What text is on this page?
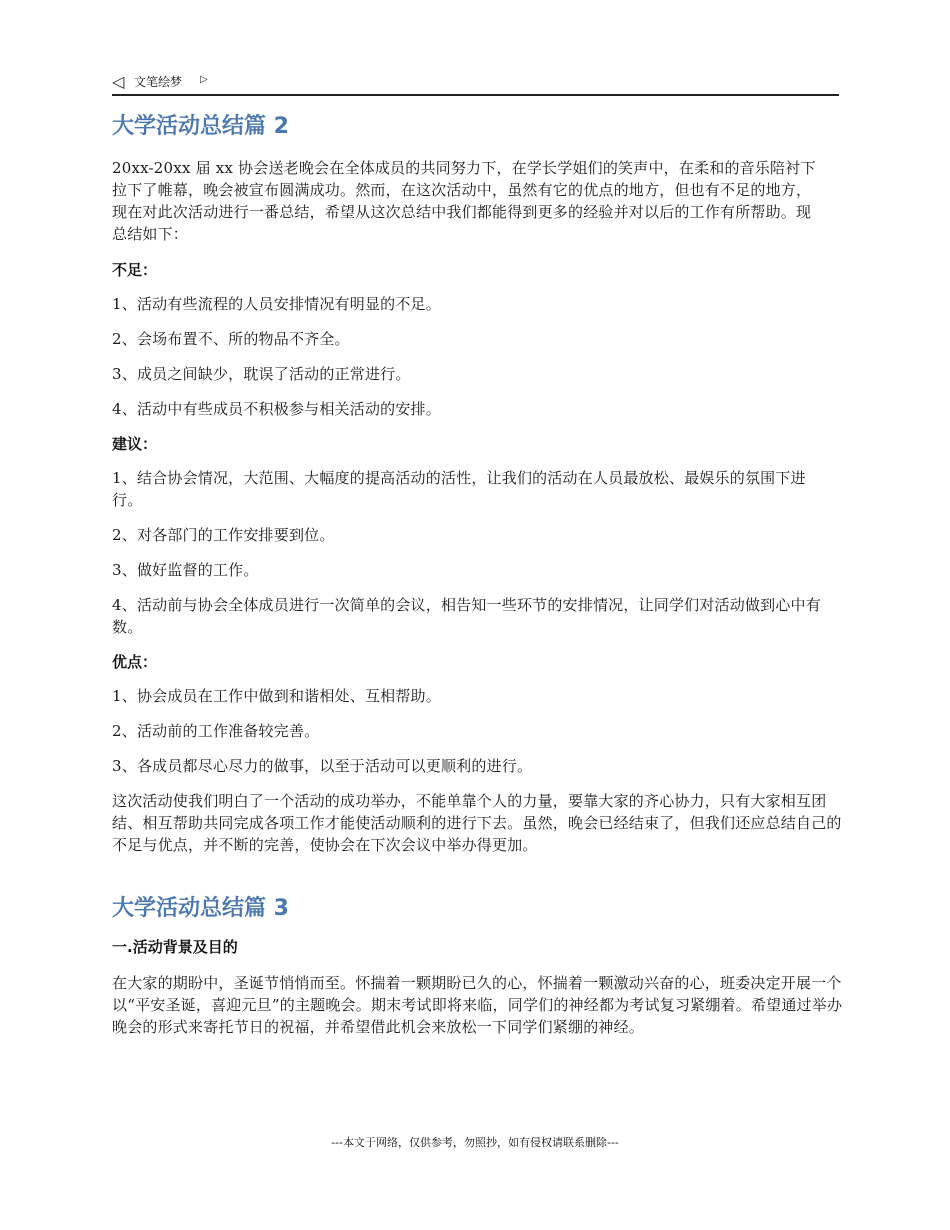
◁ 文笔绘梦 ▷
大学活动总结篇 2

20xx-20xx 届 xx 协会送老晚会在全体成员的共同努力下，在学长学姐们的笑声中，在柔和的音乐陪衬下拉下了帷幕，晚会被宣布圆满成功。然而，在这次活动中，虽然有它的优点的地方，但也有不足的地方，现在对此次活动进行一番总结，希望从这次总结中我们都能得到更多的经验并对以后的工作有所帮助。现总结如下：

不足：

1、活动有些流程的人员安排情况有明显的不足。

2、会场布置不、所的物品不齐全。

3、成员之间缺少，耽误了活动的正常进行。

4、活动中有些成员不积极参与相关活动的安排。

建议：

1、结合协会情况，大范围、大幅度的提高活动的活性，让我们的活动在人员最放松、最娱乐的氛围下进行。

2、对各部门的工作安排要到位。

3、做好监督的工作。

4、活动前与协会全体成员进行一次简单的会议，相告知一些环节的安排情况，让同学们对活动做到心中有数。

优点：

1、协会成员在工作中做到和谐相处、互相帮助。

2、活动前的工作准备较完善。

3、各成员都尽心尽力的做事，以至于活动可以更顺利的进行。

这次活动使我们明白了一个活动的成功举办，不能单靠个人的力量，要靠大家的齐心协力，只有大家相互团结、相互帮助共同完成各项工作才能使活动顺利的进行下去。虽然，晚会已经结束了，但我们还应总结自己的不足与优点，并不断的完善，使协会在下次会议中举办得更加。

大学活动总结篇 3

一.活动背景及目的

在大家的期盼中，圣诞节悄悄而至。怀揣着一颗期盼已久的心，怀揣着一颗激动兴奋的心，班委决定开展一个以“平安圣诞，喜迎元旦”的主题晚会。期末考试即将来临，同学们的神经都为考试复习紧绷着。希望通过举办晚会的形式来寄托节日的祝福，并希望借此机会来放松一下同学们紧绷的神经。

---本文于网络，仅供参考，勿照抄，如有侵权请联系删除---
